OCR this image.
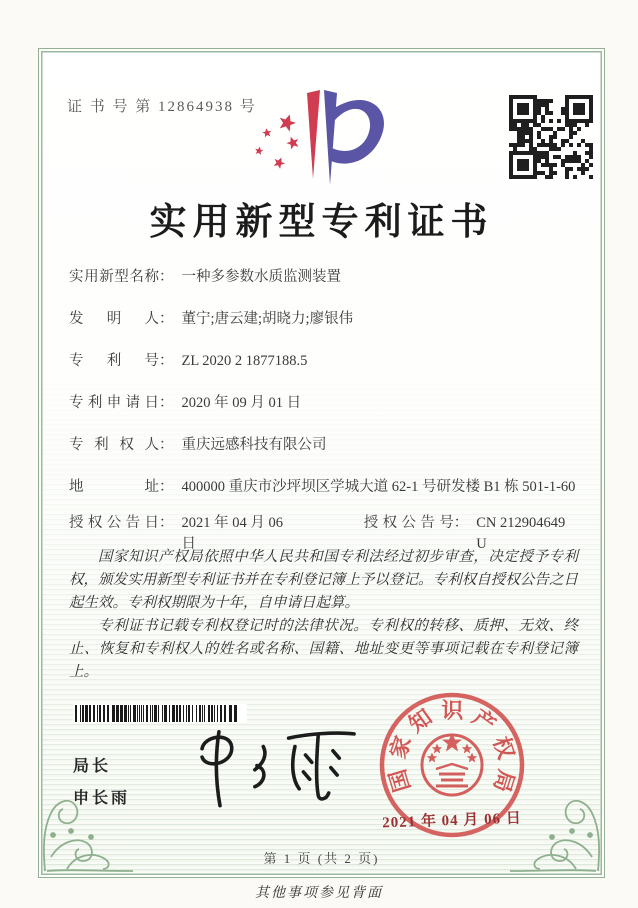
证 书 号 第 12864938 号
实用新型专利证书
实用新型名称 ： 一种多参数水质监测装置
发明人 ： 董宁;唐云建;胡晓力;廖银伟
专利号 ： ZL 2020 2 1877188.5
专利申请日 ： 2020 年 09 月 01 日
专利权人 ： 重庆远感科技有限公司
地址 ： 400000 重庆市沙坪坝区学城大道 62-1 号研发楼 B1 栋 501-1-60
授权公告日 ： 2021 年 04 月 06 日
授权公告号 ： CN 212904649 U

国家知识产权局依照中华人民共和国专利法经过初步审查，决定授予专利权，颁发实用新型专利证书并在专利登记簿上予以登记。专利权自授权公告之日起生效。专利权期限为十年，自申请日起算。

专利证书记载专利权登记时的法律状况。专利权的转移、质押、无效、终止、恢复和专利权人的姓名或名称、国籍、地址变更等事项记载在专利登记簿上。

局长
申长雨
国家知识产权局
2021 年 04 月 06 日
第 1 页 (共 2 页)
其他事项参见背面
